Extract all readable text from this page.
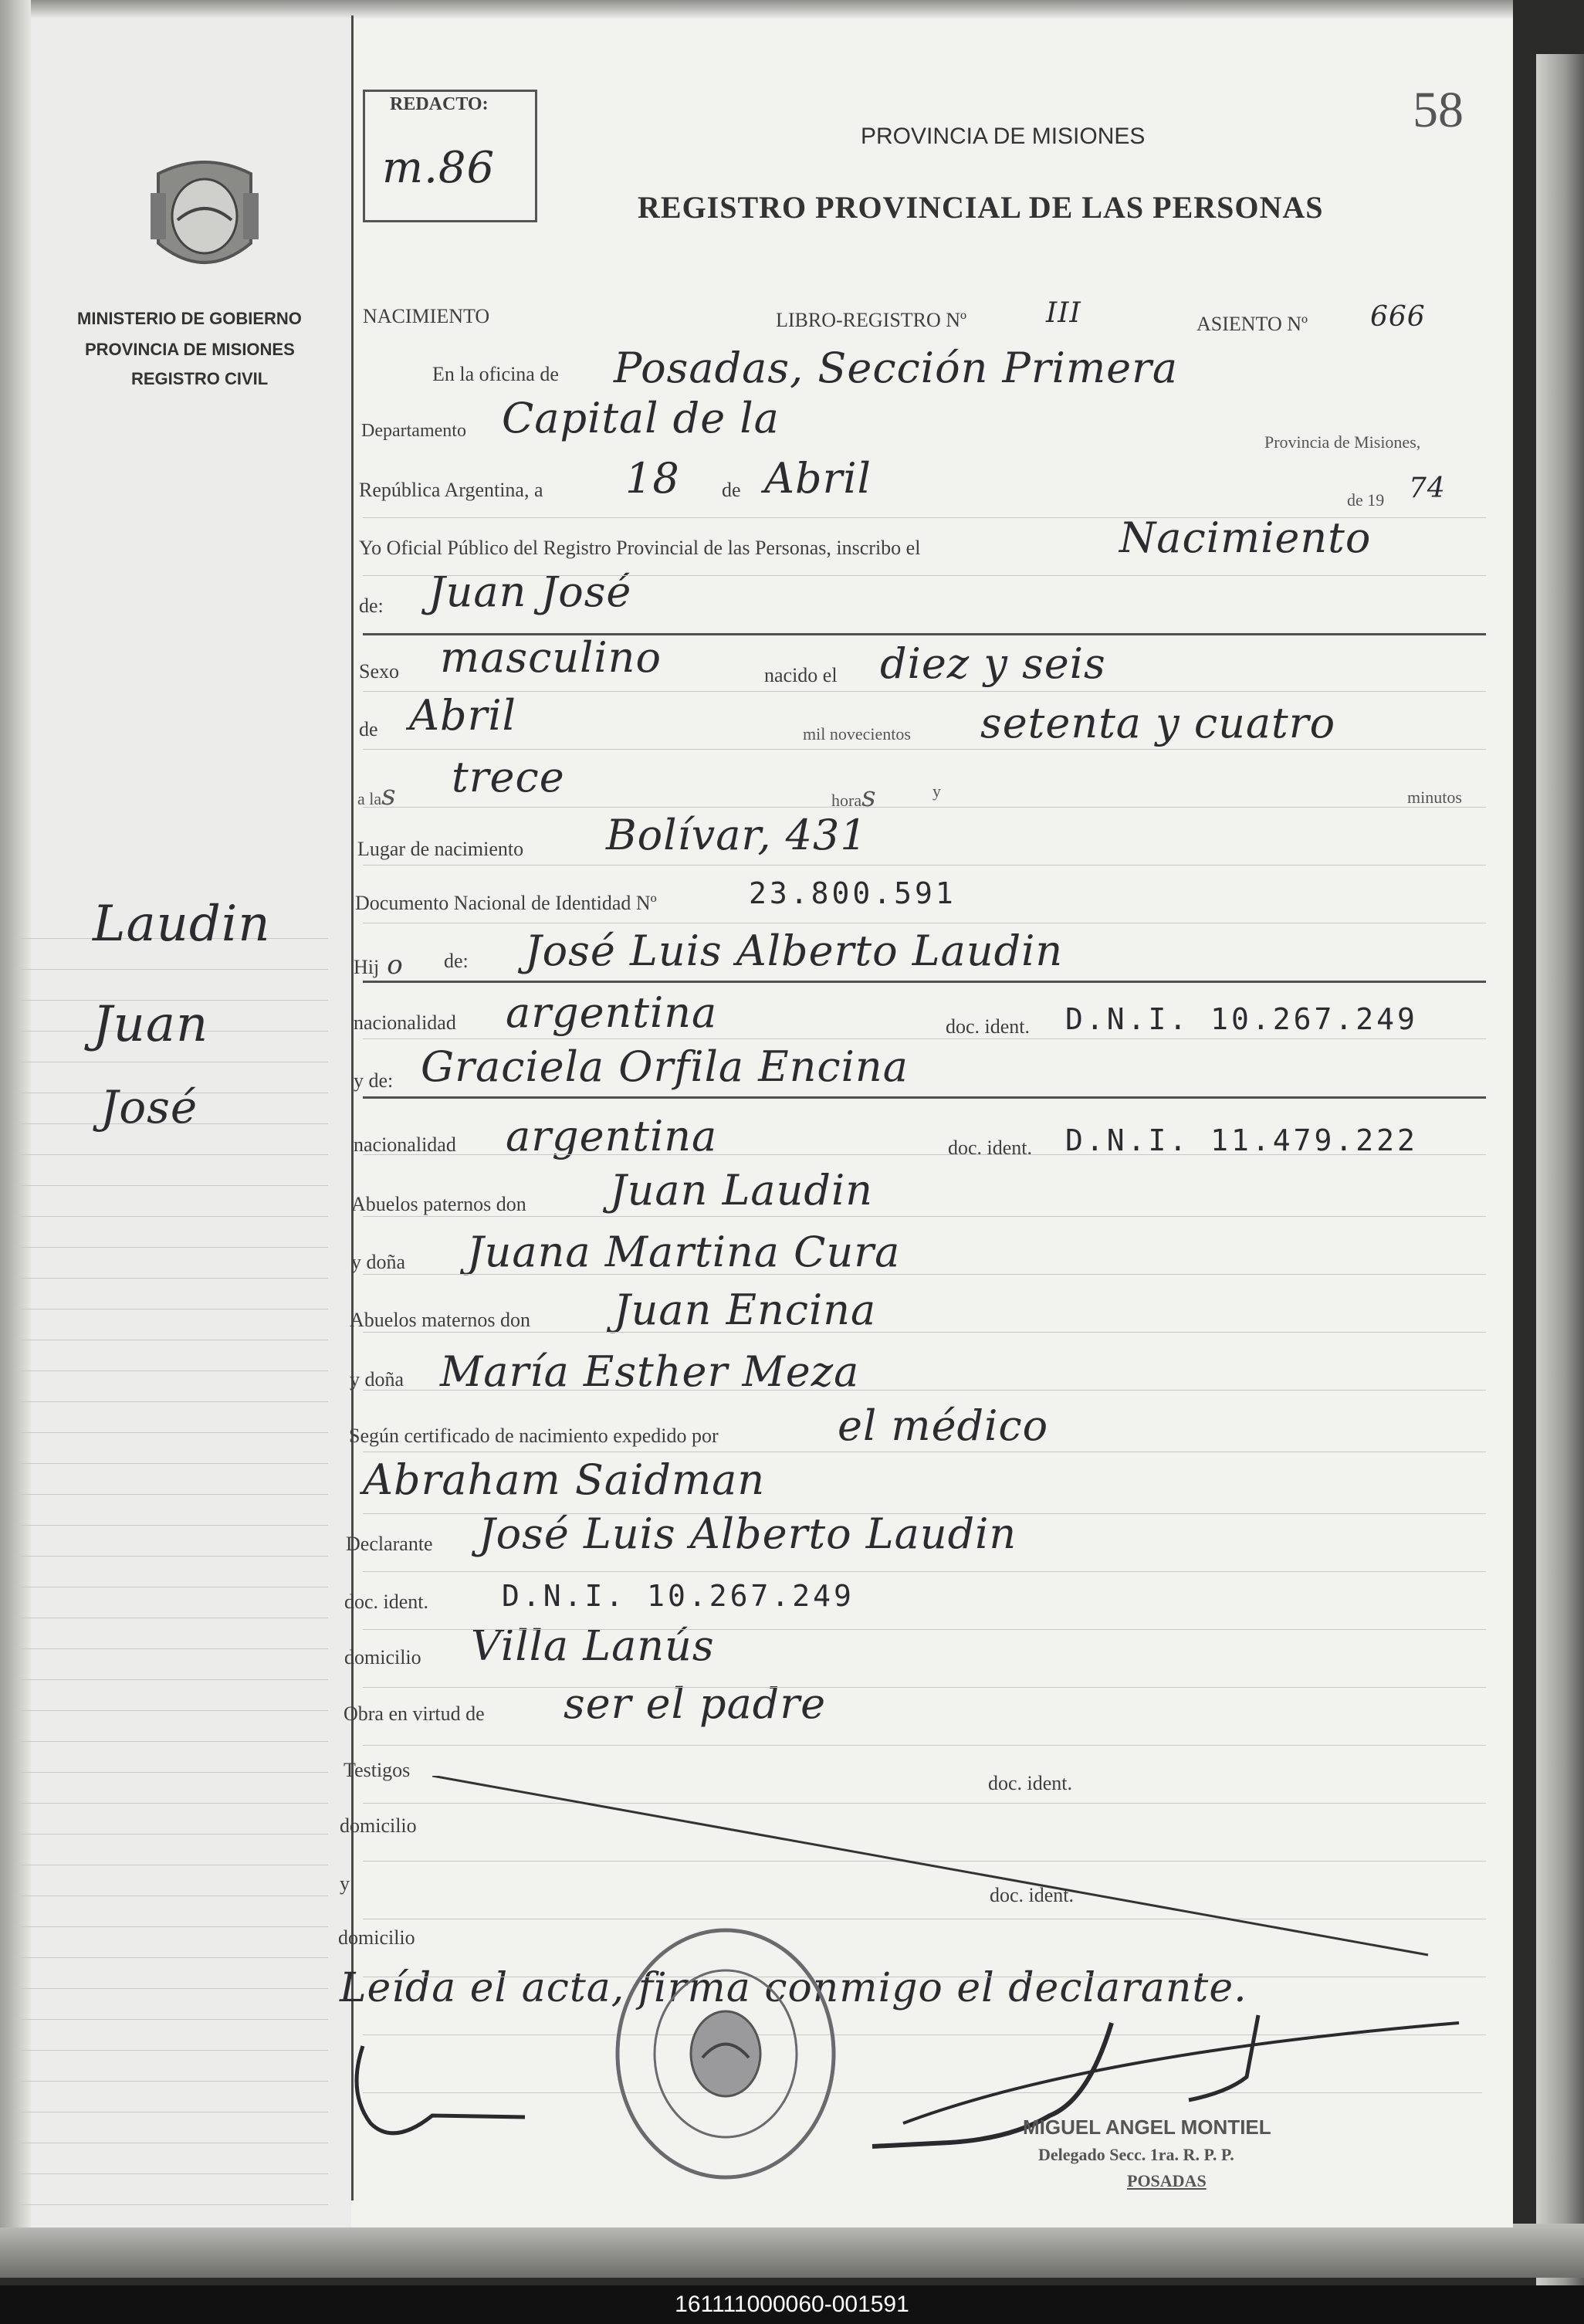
MINISTERIO DE GOBIERNO
PROVINCIA DE MISIONES
REGISTRO CIVIL
Laudin
Juan
José
REDACTO:
m.86
58
PROVINCIA DE MISIONES
REGISTRO PROVINCIAL DE LAS PERSONAS
NACIMIENTO	LIBRO-REGISTRO Nº	III	ASIENTO Nº 666
En la oficina de Posadas, Sección Primera
Departamento Capital de la	Provincia de Misiones,
República Argentina, a 18 de Abril	de 19 74
Yo Oficial Público del Registro Provincial de las Personas, inscribo el	Nacimiento
de: Juan José
Sexo masculino	nacido el diez y seis
de Abril	mil novecientos setenta y cuatro
a las trece	horas	y	minutos
Lugar de nacimiento Bolívar, 431
Documento Nacional de Identidad Nº	23.800.591
Hij o de: José Luis Alberto Laudin
nacionalidad argentina	doc. ident. D.N.I. 10.267.249
y de: Graciela Orfila Encina
nacionalidad argentina	doc. ident. D.N.I. 11.479.222
Abuelos paternos don Juan Laudin
y doña Juana Martina Cura
Abuelos maternos don Juan Encina
y doña María Esther Meza
Según certificado de nacimiento expedido por	el médico
Abraham Saidman
Declarante José Luis Alberto Laudin
doc. ident. D.N.I. 10.267.249
domicilio Villa Lanús
Obra en virtud de ser el padre
Testigos
doc. ident.
domicilio
y
doc. ident.
domicilio
Leída el acta, firma conmigo el declarante.
MIGUEL ANGEL MONTIEL
Delegado Secc. 1ra. R. P. P.
POSADAS
161111000060-001591
